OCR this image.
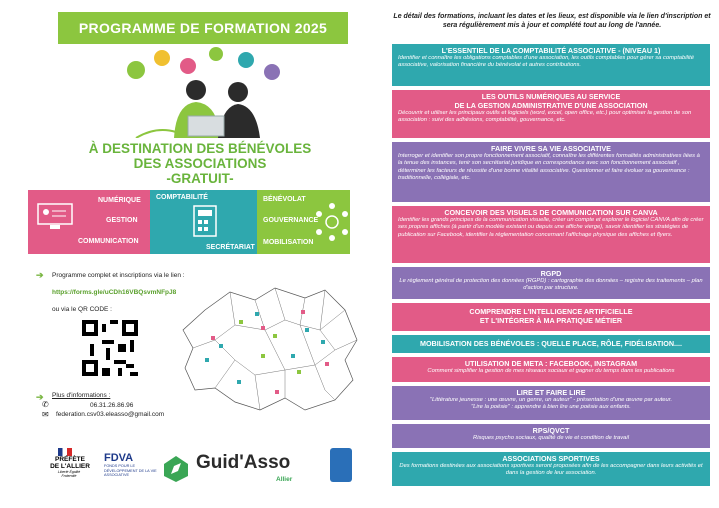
PROGRAMME DE FORMATION 2025
À DESTINATION DES BÉNÉVOLES
DES ASSOCIATIONS
-GRATUIT-
NUMÉRIQUE
GESTION
COMMUNICATION
COMPTABILITÉ
SECRÉTARIAT
BÉNÉVOLAT
GOUVERNANCE
MOBILISATION
➔ Programme complet et inscriptions via le lien :
https://forms.gle/uCDh16VBQsvmNFpJ8
ou via le QR CODE :
➔ Plus d'informations :
✆	06.31.26.86.96
✉ federation.csv03.eleasso@gmail.com
PRÉFÈTE
DE L'ALLIER
Liberté Égalité Fraternité
FDVA
FONDS POUR LE DÉVELOPPEMENT DE LA VIE ASSOCIATIVE
Guid'Asso
Allier
Le détail des formations, incluant les dates et les lieux, est disponible via le lien d'inscription et sera régulièrement mis à jour et complété tout au long de l'année.
L'ESSENTIEL DE LA COMPTABILITÉ ASSOCIATIVE - (NIVEAU 1)
Identifier et connaître les obligations comptables d'une association, les outils comptables pour gérer sa comptabilité associative, valorisation financière du bénévolat et autres contributions.
LES OUTILS NUMÉRIQUES AU SERVICE
DE LA GESTION ADMINISTRATIVE D'UNE ASSOCIATION
Découvrir et utiliser les principaux outils et logiciels (word, excel, open office, etc.) pour optimiser la gestion de son association : suivi des adhésions, comptabilité, gouvernance, etc.
FAIRE VIVRE SA VIE ASSOCIATIVE
Interroger et identifier son propre fonctionnement associatif, connaître les différentes formalités administratives liées à la tenue des instances, tenir son secrétariat juridique en correspondance avec son fonctionnement associatif , déterminer les facteurs de réussite d'une bonne vitalité associative. Questionner et faire évoluer sa gouvernance : traditionnelle, collégiale, etc.
CONCEVOIR DES VISUELS DE COMMUNICATION SUR CANVA
Identifier les grands principes de la communication visuelle, créer un compte et explorer le logiciel CANVA afin de créer ses propres affiches (à partir d'un modèle existant ou depuis une affiche vierge), savoir identifier les stratégies de publication sur Facebook, identifier la réglementation concernant l'affichage physique des affiches et flyers.
RGPD
Le règlement général de protection des données (RGPD) : cartographie des données – registre des traitements – plan d'action par structure.
COMPRENDRE L'INTELLIGENCE ARTIFICIELLE
ET L'INTÉGRER À MA PRATIQUE MÉTIER
MOBILISATION DES BÉNÉVOLES : QUELLE PLACE, RÔLE, FIDÉLISATION....
UTILISATION DE META : FACEBOOK, INSTAGRAM
Comment simplifier la gestion de mes réseaux sociaux et gagner du temps dans les publications
LIRE ET FAIRE LIRE
"Littérature jeunesse : une œuvre, un genre, un auteur" - présentation d'une œuvre par auteur.
"Lire la poésie" : apprendre à bien lire une poésie aux enfants.
RPS/QVCT
Risques psycho sociaux, qualité de vie et condition de travail
ASSOCIATIONS SPORTIVES
Des formations destinées aux associations sportives seront proposées afin de les accompagner dans leurs activités et dans la gestion de leur association.
